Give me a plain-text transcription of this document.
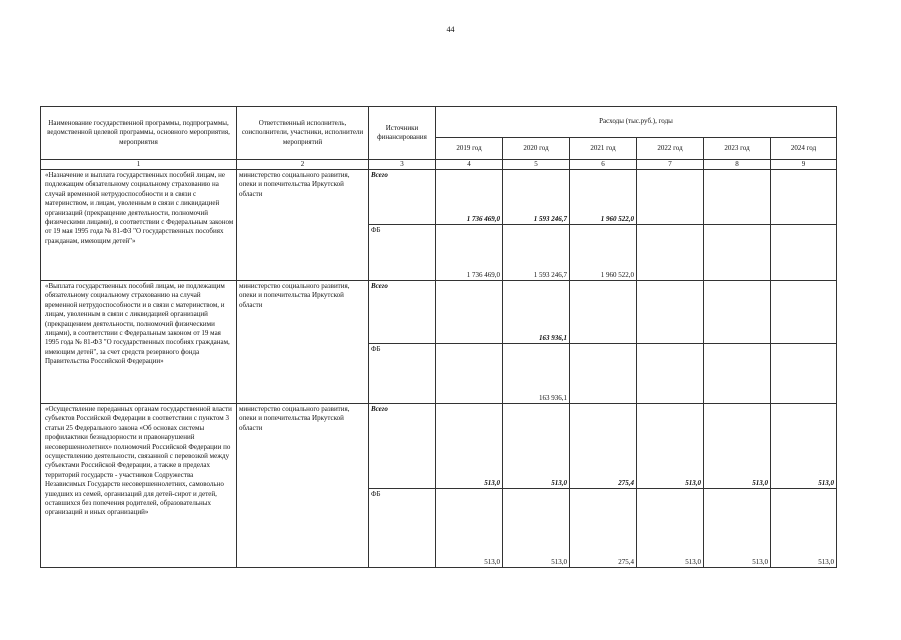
44
Наименование государственной программы, подпрограммы, ведомственной целевой программы, основного мероприятия, мероприятия	Ответственный исполнитель, соисполнители, участники, исполнители мероприятий	Источники финансирования	Расходы (тыс.руб.), годы					
			2019 год	2020 год	2021 год	2022 год	2023 год	2024 год
1	2	3	4	5	6	7	8	9
«Назначение и выплата государственных пособий лицам, не подлежащим обязательному социальному страхованию на случай временной нетрудоспособности и в связи с материнством, и лицам, уволенным в связи с ликвидацией организаций (прекращение деятельности, полномочий физическими лицами), в соответствии с Федеральным законом от 19 мая 1995 года № 81-ФЗ "О государственных пособиях гражданам, имеющим детей"»	министерство социального развития, опеки и попечительства Иркутской области	Всего	1 736 469,0	1 593 246,7	1 960 522,0			
		ФБ	1 736 469,0	1 593 246,7	1 960 522,0			
«Выплата государственных пособий лицам, не подлежащим обязательному социальному страхованию на случай временной нетрудоспособности и в связи с материнством, и лицам, уволенным в связи с ликвидацией организаций (прекращением деятельности, полномочий физическими лицами), в соответствии с Федеральным законом от 19 мая 1995 года № 81-ФЗ "О государственных пособиях гражданам, имеющим детей", за счет средств резервного фонда Правительства Российской Федерации»	министерство социального развития, опеки и попечительства Иркутской области	Всего		163 936,1				
		ФБ		163 936,1				
«Осуществление переданных органам государственной власти субъектов Российской Федерации в соответствии с пунктом 3 статьи 25 Федерального закона «Об основах системы профилактики безнадзорности и правонарушений несовершеннолетних» полномочий Российской Федерации по осуществлению деятельности, связанной с перевозкой между субъектами Российской Федерации, а также в пределах территорий государств - участников Содружества Независимых Государств несовершеннолетних, самовольно ушедших из семей, организаций для детей-сирот и детей, оставшихся без попечения родителей, образовательных организаций и иных организаций»	министерство социального развития, опеки и попечительства Иркутской области	Всего	513,0	513,0	275,4	513,0	513,0	513,0
		ФБ	513,0	513,0	275,4	513,0	513,0	513,0
